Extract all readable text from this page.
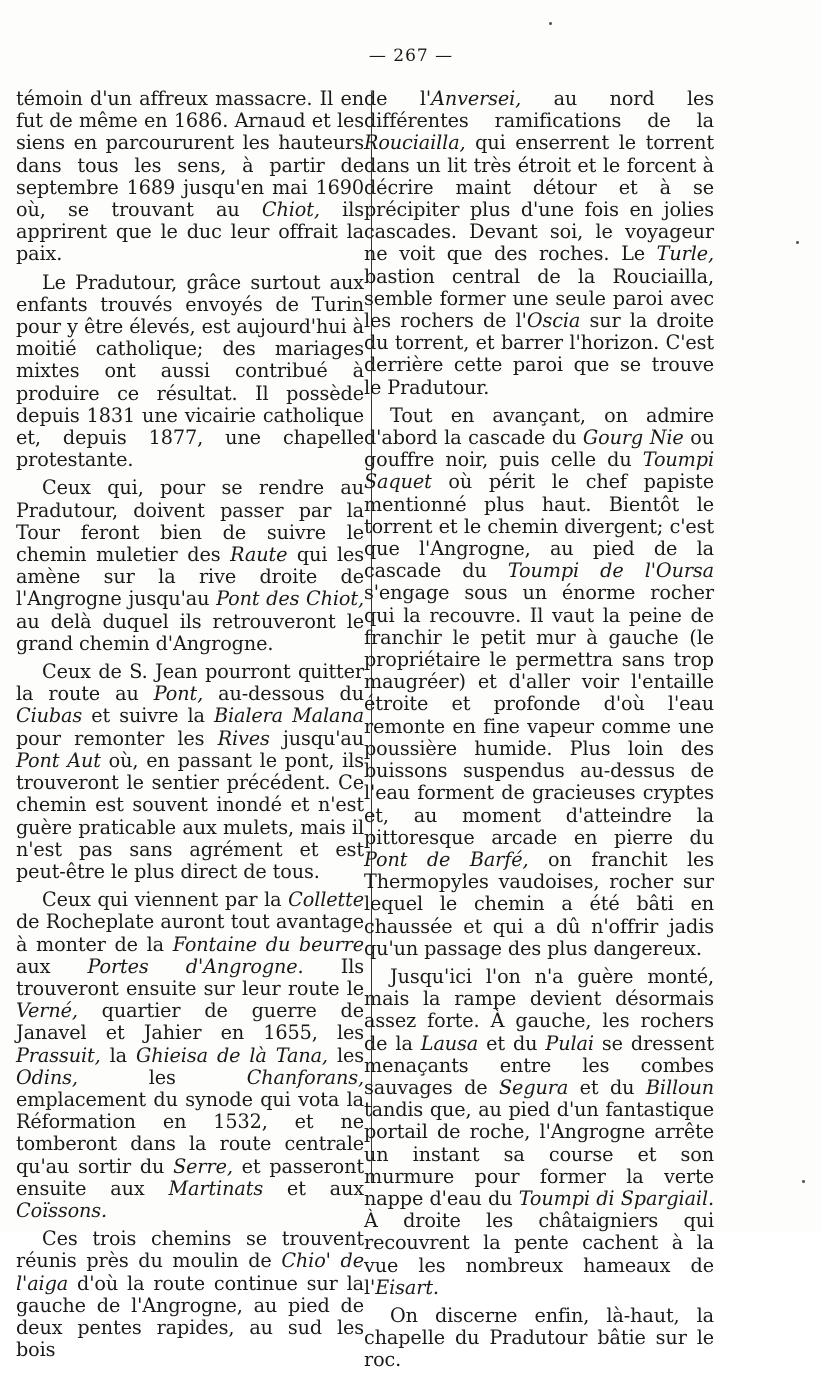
— 267 —

témoin d'un affreux massacre. Il en fut de même en 1686. Arnaud et les siens en parcoururent les hauteurs dans tous les sens, à partir de septembre 1689 jusqu'en mai 1690 où, se trouvant au Chiot, ils apprirent que le duc leur offrait la paix.

Le Pradutour, grâce surtout aux enfants trouvés envoyés de Turin pour y être élevés, est aujourd'hui à moitié catholique; des mariages mixtes ont aussi contribué à produire ce résultat. Il possède depuis 1831 une vicairie catholique et, depuis 1877, une chapelle protestante.

Ceux qui, pour se rendre au Pradutour, doivent passer par la Tour feront bien de suivre le chemin muletier des Raute qui les amène sur la rive droite de l'Angrogne jusqu'au Pont des Chiot, au delà duquel ils retrouveront le grand chemin d'Angrogne.

Ceux de S. Jean pourront quitter la route au Pont, au-dessous du Ciubas et suivre la Bialera Malana pour remonter les Rives jusqu'au Pont Aut où, en passant le pont, ils trouveront le sentier précédent. Ce chemin est souvent inondé et n'est guère praticable aux mulets, mais il n'est pas sans agrément et est peut-être le plus direct de tous.

Ceux qui viennent par la Collette de Rocheplate auront tout avantage à monter de la Fontaine du beurre aux Portes d'Angrogne. Ils trouveront ensuite sur leur route le Verné, quartier de guerre de Janavel et Jahier en 1655, les Prassuit, la Ghieisa de là Tana, les Odins, les Chanforans, emplacement du synode qui vota la Réformation en 1532, et ne tomberont dans la route centrale qu'au sortir du Serre, et passeront ensuite aux Martinats et aux Coïssons.

Ces trois chemins se trouvent réunis près du moulin de Chio' de l'aiga d'où la route continue sur la gauche de l'Angrogne, au pied de deux pentes rapides, au sud les bois

de l'Anversei, au nord les différentes ramifications de la Rouciailla, qui enserrent le torrent dans un lit très étroit et le forcent à décrire maint détour et à se précipiter plus d'une fois en jolies cascades. Devant soi, le voyageur ne voit que des roches. Le Turle, bastion central de la Rouciailla, semble former une seule paroi avec les rochers de l'Oscia sur la droite du torrent, et barrer l'horizon. C'est derrière cette paroi que se trouve le Pradutour.

Tout en avançant, on admire d'abord la cascade du Gourg Nie ou gouffre noir, puis celle du Toumpi Saquet où périt le chef papiste mentionné plus haut. Bientôt le torrent et le chemin divergent; c'est que l'Angrogne, au pied de la cascade du Toumpi de l'Oursa s'engage sous un énorme rocher qui la recouvre. Il vaut la peine de franchir le petit mur à gauche (le propriétaire le permettra sans trop maugréer) et d'aller voir l'entaille étroite et profonde d'où l'eau remonte en fine vapeur comme une poussière humide. Plus loin des buissons suspendus au-dessus de l'eau forment de gracieuses cryptes et, au moment d'atteindre la pittoresque arcade en pierre du Pont de Barfé, on franchit les Thermopyles vaudoises, rocher sur lequel le chemin a été bâti en chaussée et qui a dû n'offrir jadis qu'un passage des plus dangereux.

Jusqu'ici l'on n'a guère monté, mais la rampe devient désormais assez forte. À gauche, les rochers de la Lausa et du Pulai se dressent menaçants entre les combes sauvages de Segura et du Billoun tandis que, au pied d'un fantastique portail de roche, l'Angrogne arrête un instant sa course et son murmure pour former la verte nappe d'eau du Toumpi di Spargiail. À droite les châtaigniers qui recouvrent la pente cachent à la vue les nombreux hameaux de l'Eisart.

On discerne enfin, là-haut, la chapelle du Pradutour bâtie sur le roc.
